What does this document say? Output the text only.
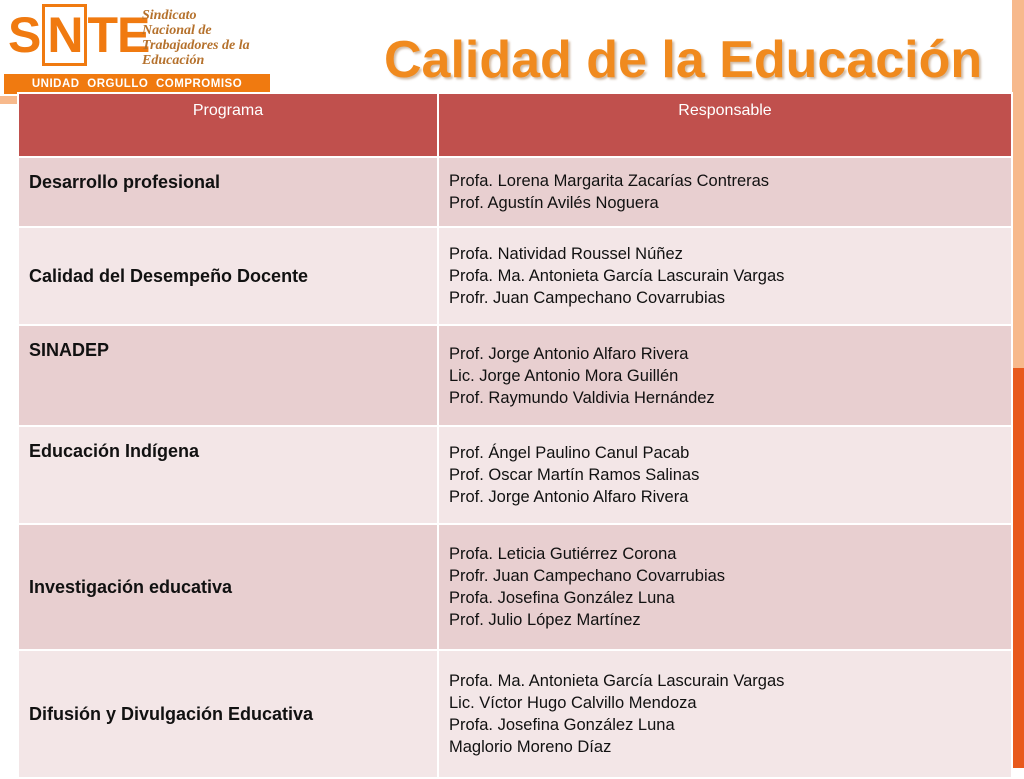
S N TE
Sindicato
Nacional de
Trabajadores de la
Educación
UNIDAD ORGULLO COMPROMISO	Calidad de la Educación
Programa	Responsable
Desarrollo profesional	Profa. Lorena Margarita Zacarías Contreras
Prof. Agustín Avilés Noguera

Calidad del Desempeño Docente	Profa. Natividad Roussel Núñez
Profa. Ma. Antonieta García Lascurain Vargas
Profr. Juan Campechano Covarrubias

SINADEP	Prof. Jorge Antonio Alfaro Rivera
Lic. Jorge Antonio Mora Guillén
Prof. Raymundo Valdivia Hernández

Educación Indígena	Prof. Ángel Paulino Canul Pacab
Prof. Oscar Martín Ramos Salinas
Prof. Jorge Antonio Alfaro Rivera

Investigación educativa	Profa. Leticia Gutiérrez Corona
Profr. Juan Campechano Covarrubias
Profa. Josefina González Luna
Prof. Julio López Martínez

Difusión y Divulgación Educativa	Profa. Ma. Antonieta García Lascurain Vargas
Lic. Víctor Hugo Calvillo Mendoza
Profa. Josefina González Luna
Maglorio Moreno Díaz
